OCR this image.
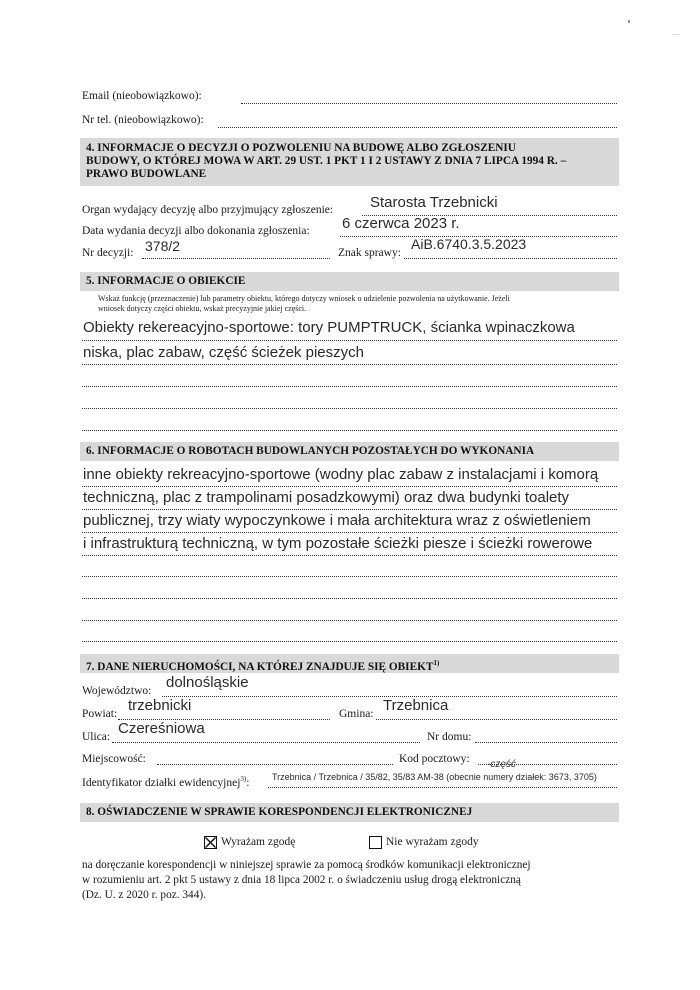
Email (nieobowiązkowo):
Nr tel. (nieobowiązkowo):
4. INFORMACJE O DECYZJI O POZWOLENIU NA BUDOWĘ ALBO ZGŁOSZENIU
BUDOWY, O KTÓREJ MOWA W ART. 29 UST. 1 PKT 1 I 2 USTAWY Z DNIA 7 LIPCA 1994 R. –
PRAWO BUDOWLANE
Organ wydający decyzję albo przyjmujący zgłoszenie: Starosta Trzebnicki
Data wydania decyzji albo dokonania zgłoszenia: 6 czerwca 2023 r.
Nr decyzji: 378/2	Znak sprawy:
AiB.6740.3.5.2023
5. INFORMACJE O OBIEKCIE
Wskaż funkcję (przeznaczenie) lub parametry obiektu, którego dotyczy wniosek o udzielenie pozwolenia na użytkowanie. Jeżeli
wniosek dotyczy części obiektu, wskaż precyzyjnie jakiej części.
Obiekty rekereacyjno-sportowe: tory PUMPTRUCK, ścianka wpinaczkowa
niska, plac zabaw, część ścieżek pieszych
6. INFORMACJE O ROBOTACH BUDOWLANYCH POZOSTAŁYCH DO WYKONANIA
inne obiekty rekreacyjno-sportowe (wodny plac zabaw z instalacjami i komorą
techniczną, plac z trampolinami posadzkowymi) oraz dwa budynki toalety
publicznej, trzy wiaty wypoczynkowe i mała architektura wraz z oświetleniem
i infrastrukturą techniczną, w tym pozostałe ścieżki piesze i ścieżki rowerowe
7. DANE NIERUCHOMOŚCI, NA KTÓREJ ZNAJDUJE SIĘ OBIEKT$^{1)}$
Województwo: dolnośląskie
Powiat: trzebnicki	Gmina: Trzebnica
Ulica: Czereśniowa	Nr domu:
Miejscowość:	Kod pocztowy: -część
Identyfikator działki ewidencyjnej$^{3)}$:	Trzebnica / Trzebnica / 35/82, 35/83 AM-38 (obecnie numery działek: 3673, 3705)
8. OŚWIADCZENIE W SPRAWIE KORESPONDENCJI ELEKTRONICZNEJ
Wyrażam zgodę	Nie wyrażam zgody
na doręczanie korespondencji w niniejszej sprawie za pomocą środków komunikacji elektronicznej
w rozumieniu art. 2 pkt 5 ustawy z dnia 18 lipca 2002 r. o świadczeniu usług drogą elektroniczną
(Dz. U. z 2020 r. poz. 344).
